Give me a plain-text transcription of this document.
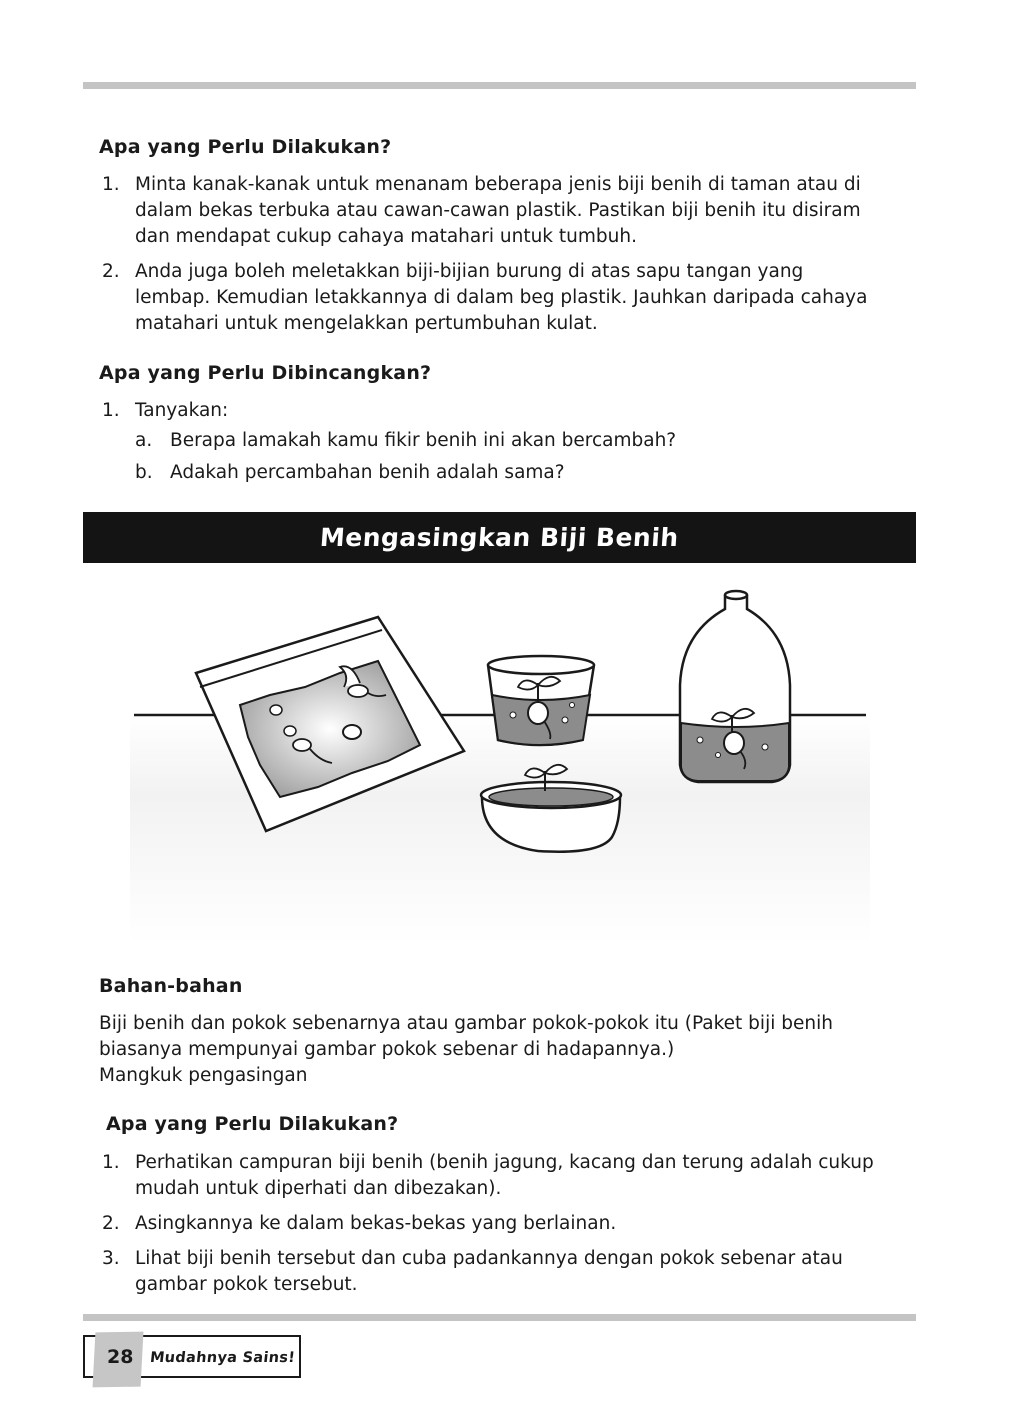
Apa yang Perlu Dilakukan?
1. Minta kanak-kanak untuk menanam beberapa jenis biji benih di taman atau di
dalam bekas terbuka atau cawan-cawan plastik. Pastikan biji benih itu disiram
dan mendapat cukup cahaya matahari untuk tumbuh.

2. Anda juga boleh meletakkan biji-bijian burung di atas sapu tangan yang
lembap. Kemudian letakkannya di dalam beg plastik. Jauhkan daripada cahaya
matahari untuk mengelakkan pertumbuhan kulat.

Apa yang Perlu Dibincangkan?
1. Tanyakan:
a. Berapa lamakah kamu fikir benih ini akan bercambah?
b. Adakah percambahan benih adalah sama?
Mengasingkan Biji Benih
Bahan-bahan

Biji benih dan pokok sebenarnya atau gambar pokok-pokok itu (Paket biji benih
biasanya mempunyai gambar pokok sebenar di hadapannya.)
Mangkuk pengasingan

Apa yang Perlu Dilakukan?
1. Perhatikan campuran biji benih (benih jagung, kacang dan terung adalah cukup
mudah untuk diperhati dan dibezakan).

2. Asingkannya ke dalam bekas-bekas yang berlainan.

3. Lihat biji benih tersebut dan cuba padankannya dengan pokok sebenar atau
gambar pokok tersebut.

28 Mudahnya Sains!
